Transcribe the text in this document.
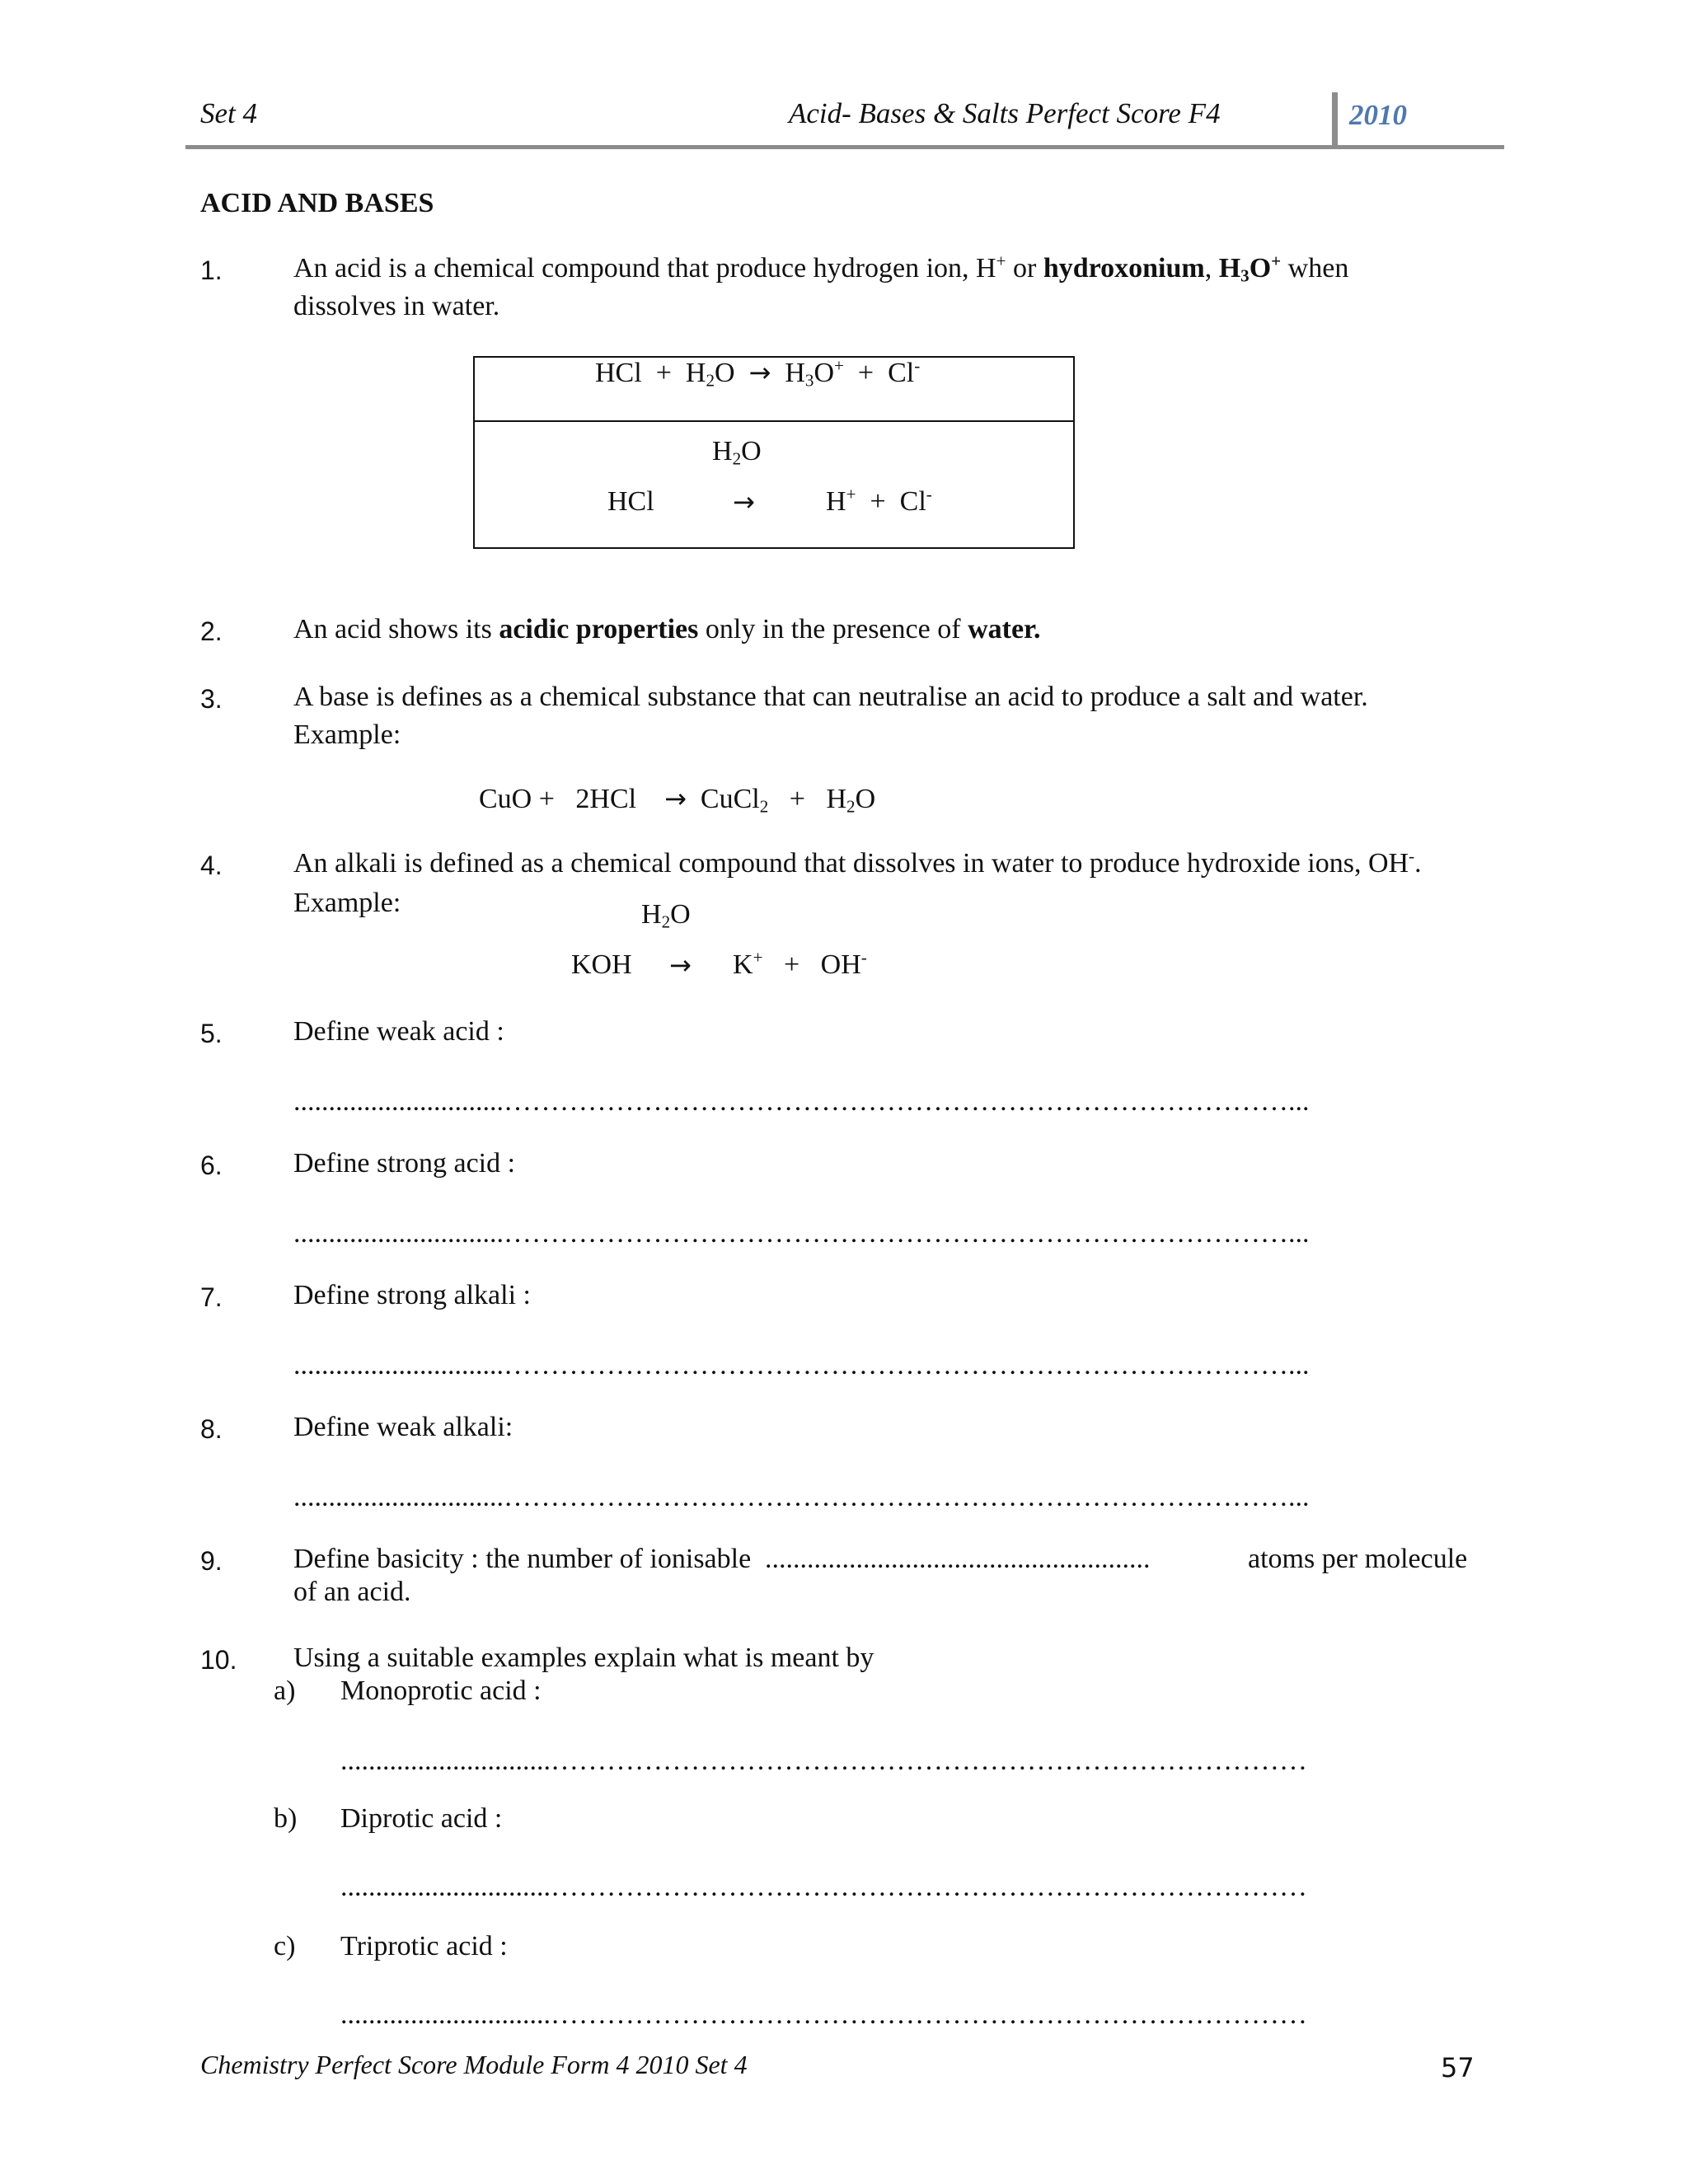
Set 4	Acid- Bases & Salts Perfect Score F4	2010
ACID AND BASES
1.	An acid is a chemical compound that produce hydrogen ion, H+ or hydroxonium, $H_3O^+$ when
dissolves in water.
HCl + $H_2O \to H_3O^+ + Cl^-$
$H_2O$
HCl	→	H+ + Cl-
2.	An acid shows its acidic properties only in the presence of water.
3.	A base is defines as a chemical substance that can neutralise an acid to produce a salt and water.
Example:
CuO + 2HCl → CuCl$_2$ + $H_2O$
4.	An alkali is defined as a chemical compound that dissolves in water to produce hydroxide ions, OH-.
Example:	$H_2O$
KOH → K+ + OH-
5.	Define weak acid :
..............................…………………………………………………………………………...
6.	Define strong acid :
..............................…………………………………………………………………………...
7.	Define strong alkali :
..............................…………………………………………………………………………...
8.	Define weak alkali:
..............................…………………………………………………………………………...
9.	Define basicity : the number of ionisable .......................................................	atoms per molecule
of an acid.
10. Using a suitable examples explain what is meant by
a) Monoprotic acid :
..............................………………………………………………………………………
b) Diprotic acid :
..............................………………………………………………………………………
c) Triprotic acid :
..............................………………………………………………………………………
Chemistry Perfect Score Module Form 4 2010 Set 4	57
